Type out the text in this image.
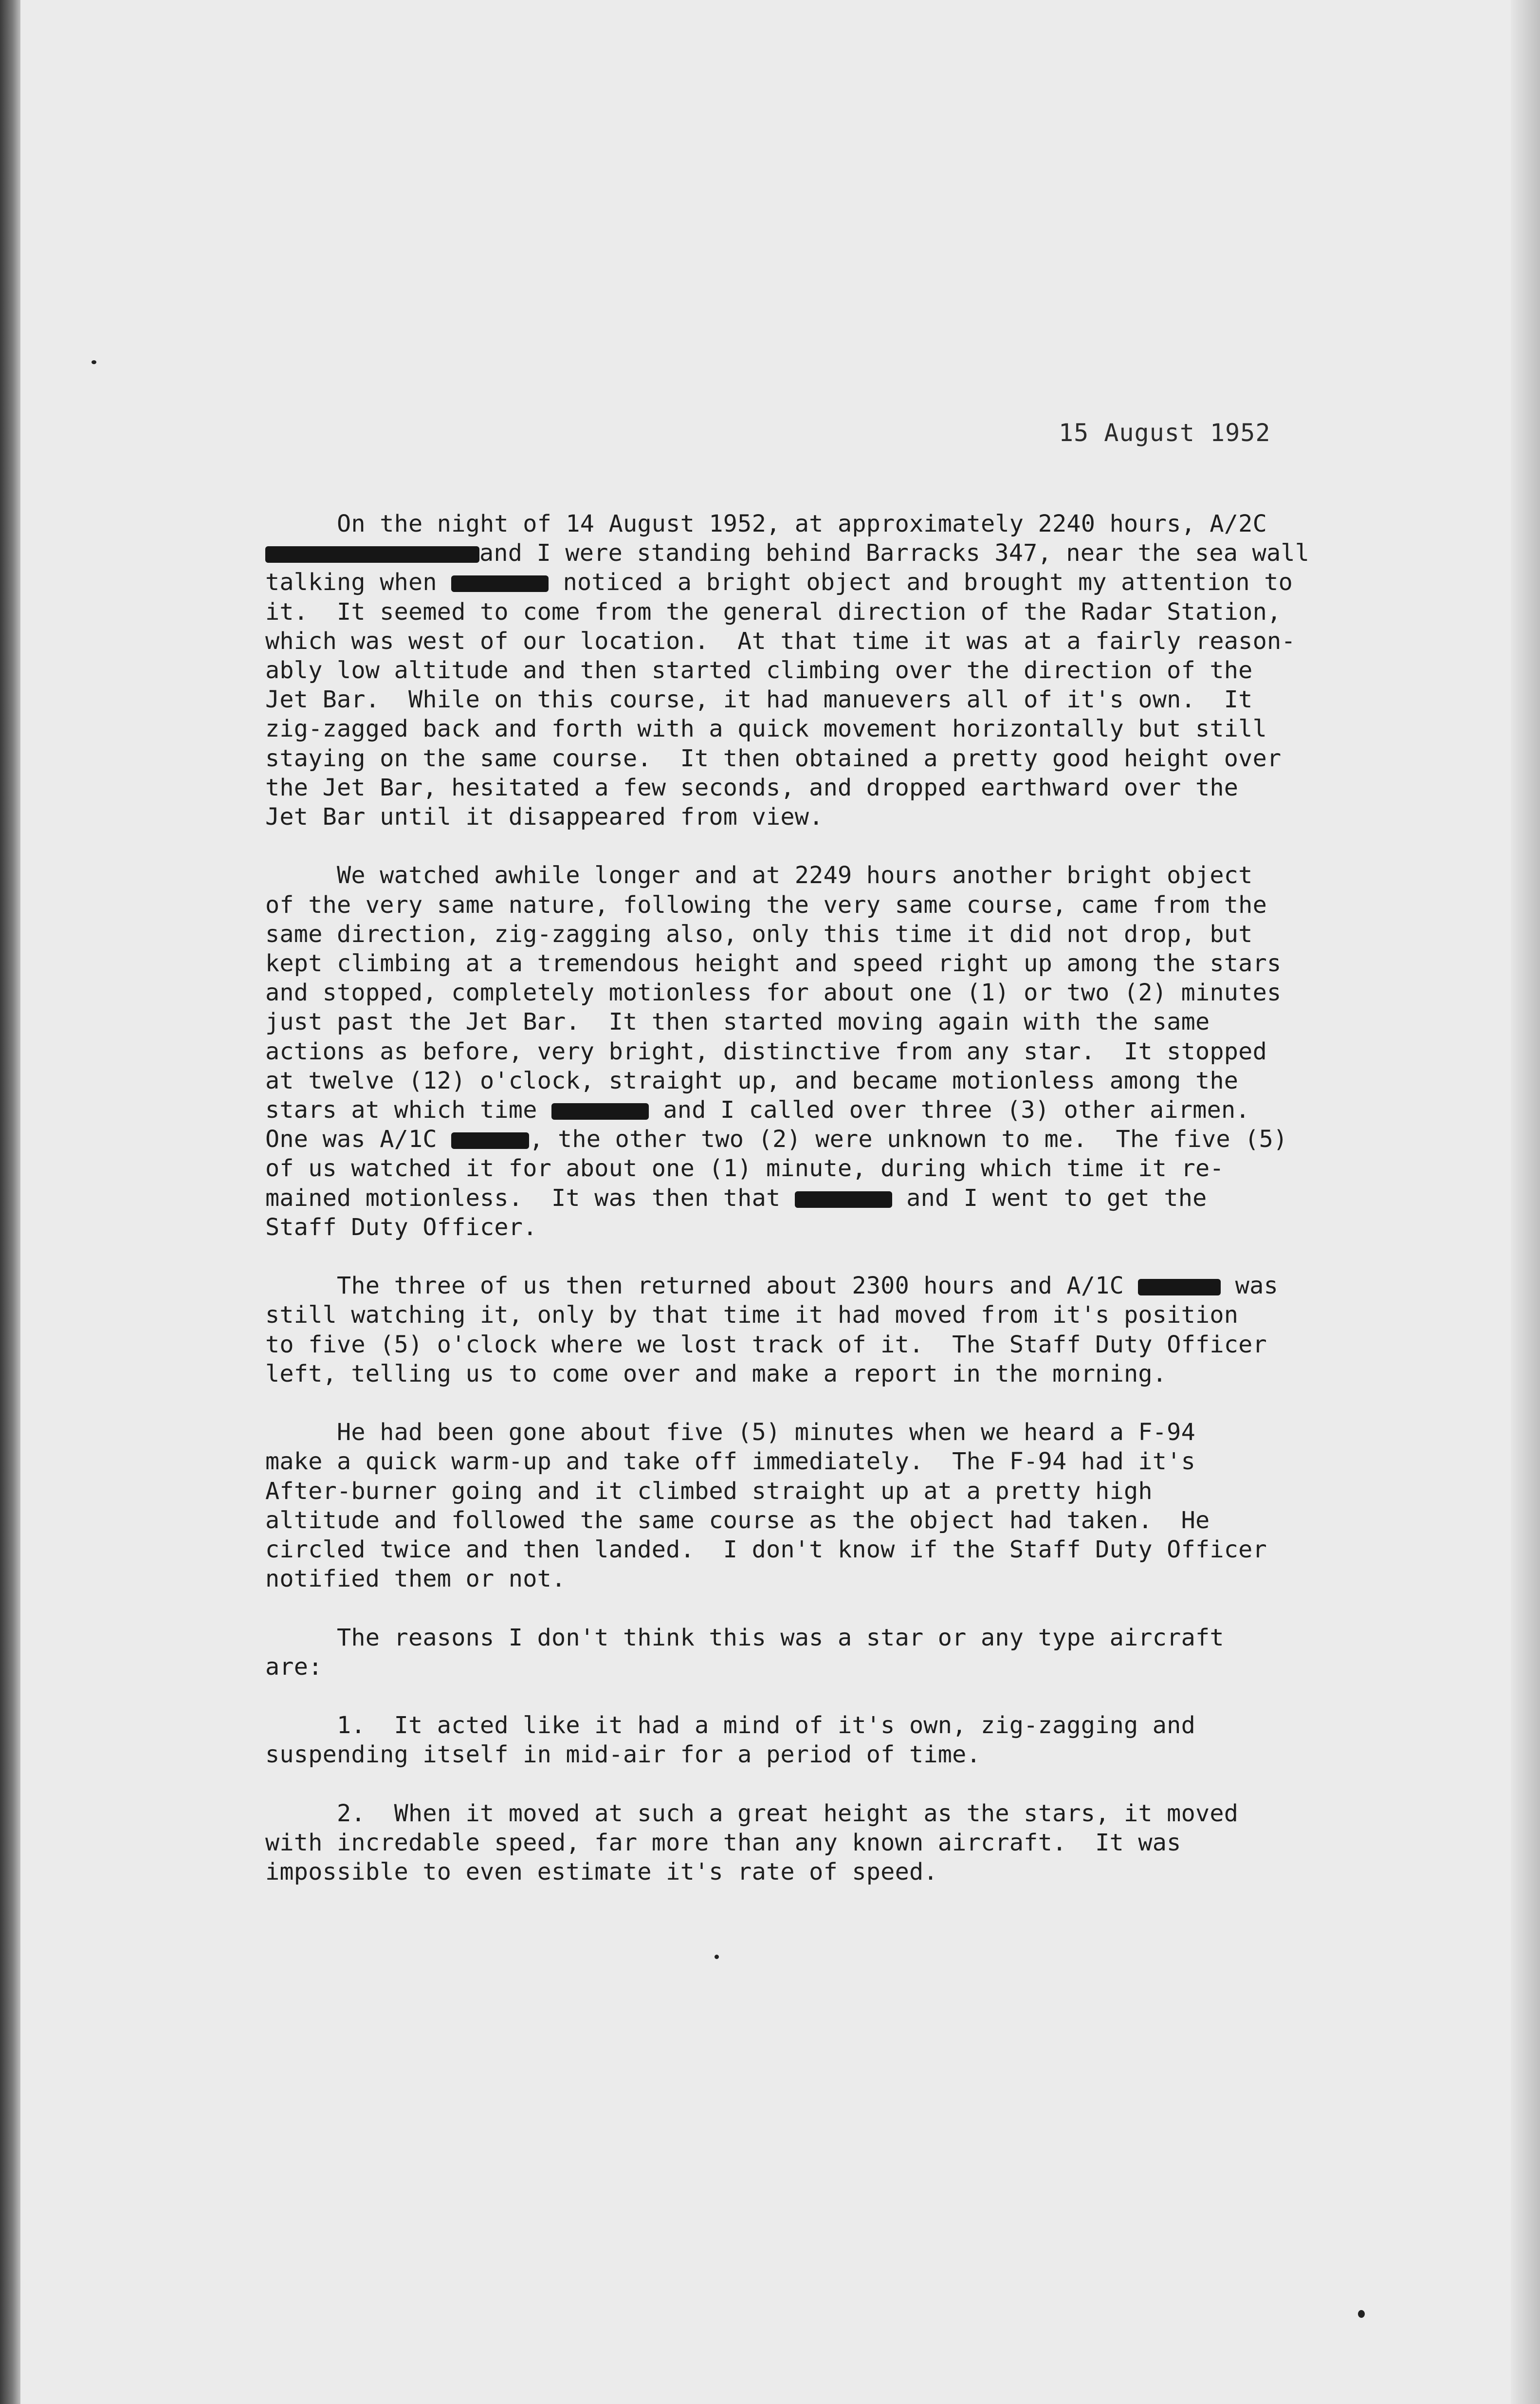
15 August 1952
On the night of 14 August 1952, at approximately 2240 hours, A/2C
and I were standing behind Barracks 347, near the sea wall
talking when	noticed a bright object and brought my attention to
it.  It seemed to come from the general direction of the Radar Station,
which was west of our location.  At that time it was at a fairly reason-
ably low altitude and then started climbing over the direction of the
Jet Bar.  While on this course, it had manuevers all of it's own.  It
zig-zagged back and forth with a quick movement horizontally but still
staying on the same course.  It then obtained a pretty good height over
the Jet Bar, hesitated a few seconds, and dropped earthward over the
Jet Bar until it disappeared from view.
We watched awhile longer and at 2249 hours another bright object
of the very same nature, following the very same course, came from the
same direction, zig-zagging also, only this time it did not drop, but
kept climbing at a tremendous height and speed right up among the stars
and stopped, completely motionless for about one (1) or two (2) minutes
just past the Jet Bar.  It then started moving again with the same
actions as before, very bright, distinctive from any star.  It stopped
at twelve (12) o'clock, straight up, and became motionless among the
stars at which time	and I called over three (3) other airmen.
One was A/1C	, the other two (2) were unknown to me.  The five (5)
of us watched it for about one (1) minute, during which time it re-
mained motionless.  It was then that	and I went to get the
Staff Duty Officer.
The three of us then returned about 2300 hours and A/1C	was
still watching it, only by that time it had moved from it's position
to five (5) o'clock where we lost track of it.  The Staff Duty Officer
left, telling us to come over and make a report in the morning.
He had been gone about five (5) minutes when we heard a F-94
make a quick warm-up and take off immediately.  The F-94 had it's
After-burner going and it climbed straight up at a pretty high
altitude and followed the same course as the object had taken.  He
circled twice and then landed.  I don't know if the Staff Duty Officer
notified them or not.
The reasons I don't think this was a star or any type aircraft
are:
1.  It acted like it had a mind of it's own, zig-zagging and
suspending itself in mid-air for a period of time.
2.  When it moved at such a great height as the stars, it moved
with incredable speed, far more than any known aircraft.  It was
impossible to even estimate it's rate of speed.
